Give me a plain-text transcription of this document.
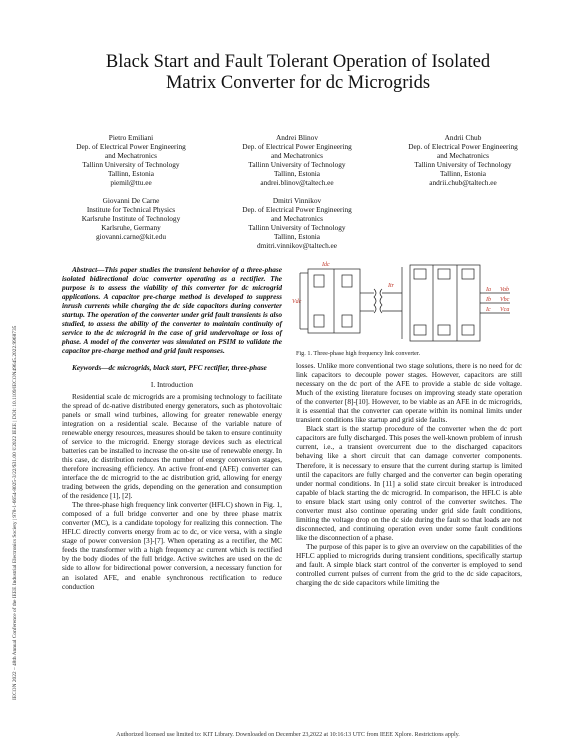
IECON 2022 – 48th Annual Conference of the IEEE Industrial Electronics Society | 978-1-6654-8025-3/22/$31.00 ©2022 IEEE | DOI: 10.1109/IECON49645.2022.9968735
Black Start and Fault Tolerant Operation of Isolated
Matrix Converter for dc Microgrids
Pietro Emiliani
Dep. of Electrical Power Engineering
and Mechatronics
Tallinn University of Technology
Tallinn, Estonia
piemil@ttu.ee
Andrei Blinov
Dep. of Electrical Power Engineering
and Mechatronics
Tallinn University of Technology
Tallinn, Estonia
andrei.blinov@taltech.ee
Andrii Chub
Dep. of Electrical Power Engineering
and Mechatronics
Tallinn University of Technology
Tallinn, Estonia
andrii.chub@taltech.ee
Giovanni De Carne
Institute for Technical Physics
Karlsruhe Institute of Technology
Karlsruhe, Germany
giovanni.carne@kit.edu
Dmitri Vinnikov
Dep. of Electrical Power Engineering
and Mechatronics
Tallinn University of Technology
Tallinn, Estonia
dmitri.vinnikov@taltech.ee

Abstract—This paper studies the transient behavior of a three-phase isolated bidirectional dc/ac converter operating as a rectifier. The purpose is to assess the viability of this converter for dc microgrid applications. A capacitor pre-charge method is developed to suppress inrush currents while charging the dc side capacitors during converter startup. The operation of the converter under grid fault transients is also studied, to assess the ability of the converter to maintain continuity of service to the dc microgrid in the case of grid undervoltage or loss of phase. A model of the converter was simulated on PSIM to validate the capacitor pre-charge method and grid fault responses.

Keywords—dc microgrids, black start, PFC rectifier, three-phase

I. Introduction

Residential scale dc microgrids are a promising technology to facilitate the spread of dc-native distributed energy generators, such as photovoltaic panels or small wind turbines, allowing for greater renewable energy integration on a residential scale. Because of the variable nature of renewable energy resources, measures should be taken to ensure continuity of service to the microgrid. Energy storage devices such as electrical batteries can be installed to increase the on-site use of renewable energy. In this case, dc distribution reduces the number of energy conversion stages, therefore increasing efficiency. An active front-end (AFE) converter can interface the dc microgrid to the ac distribution grid, allowing for energy trading between the grids, depending on the generation and consumption of the residence [1], [2].

The three-phase high frequency link converter (HFLC) shown in Fig. 1, composed of a full bridge converter and one by three phase matrix converter (MC), is a candidate topology for realizing this connection. The HFLC directly converts energy from ac to dc, or vice versa, with a single stage of power conversion [3]-[7]. When operating as a rectifier, the MC feeds the transformer with a high frequency ac current which is rectified by the body diodes of the full bridge. Active switches are used on the dc side to allow for bidirectional power conversion, a necessary function for an isolated AFE, and enable synchronous rectification to reduce conduction

Idc
Vdc
Itr
Ia
Ib
Ic
Vab
Vbc
Vca
Fig. 1. Three-phase high frequency link converter.

losses. Unlike more conventional two stage solutions, there is no need for dc link capacitors to decouple power stages. However, capacitors are still necessary on the dc port of the AFE to provide a stable dc side voltage. Much of the existing literature focuses on improving steady state operation of the converter [8]-[10]. However, to be viable as an AFE in dc microgrids, it is essential that the converter can operate within its nominal limits under transient conditions like startup and grid side faults.

Black start is the startup procedure of the converter when the dc port capacitors are fully discharged. This poses the well-known problem of inrush current, i.e., a transient overcurrent due to the discharged capacitors behaving like a short circuit that can damage converter components. Therefore, it is necessary to ensure that the current during startup is limited until the capacitors are fully charged and the converter can begin operating under normal conditions. In [11] a solid state circuit breaker is introduced capable of black starting the dc microgrid. In comparison, the HFLC is able to ensure black start using only control of the converter switches. The converter must also continue operating under grid side fault conditions, limiting the voltage drop on the dc side during the fault so that loads are not disconnected, and continuing operation even under some fault conditions like the disconnection of a phase.

The purpose of this paper is to give an overview on the capabilities of the HFLC applied to microgrids during transient conditions, specifically startup and fault. A simple black start control of the converter is employed to send controlled current pulses of current from the grid to the dc side capacitors, charging the dc side capacitors while limiting the

Authorized licensed use limited to: KIT Library. Downloaded on December 23,2022 at 10:16:13 UTC from IEEE Xplore. Restrictions apply.
